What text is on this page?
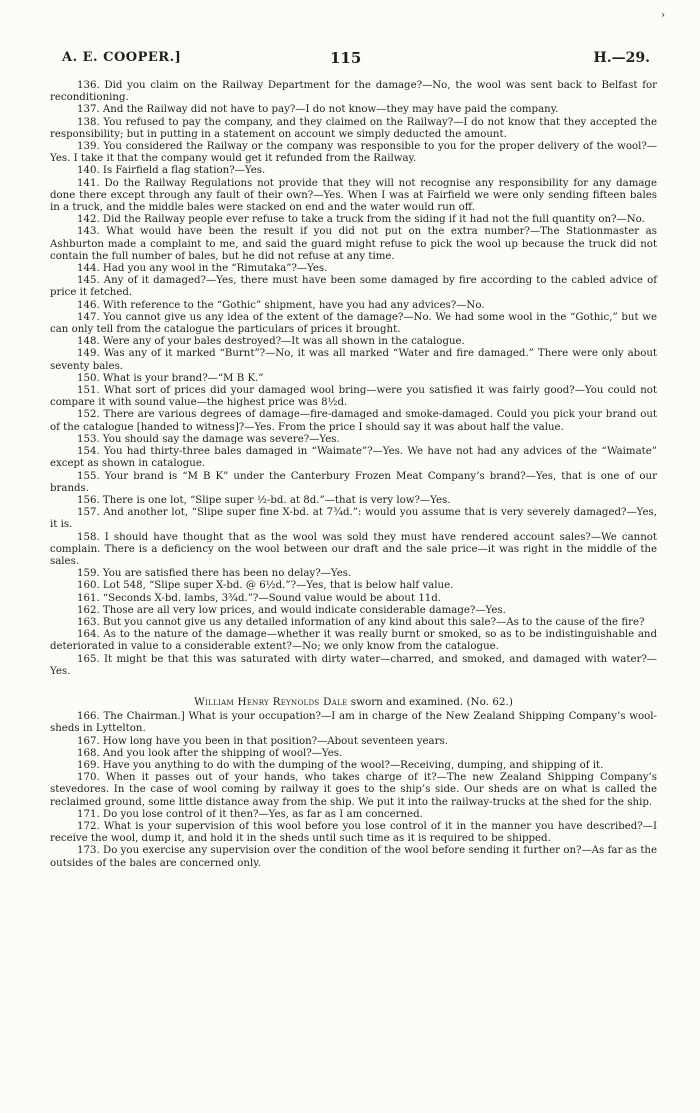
›
A. E. COOPER.]	115	H.—29.

136. Did you claim on the Railway Department for the damage?—No, the wool was sent back to Belfast for reconditioning.

137. And the Railway did not have to pay?—I do not know—they may have paid the company.

138. You refused to pay the company, and they claimed on the Railway?—I do not know that they accepted the responsibility; but in putting in a statement on account we simply deducted the amount.

139. You considered the Railway or the company was responsible to you for the proper delivery of the wool?—Yes. I take it that the company would get it refunded from the Railway.

140. Is Fairfield a flag station?—Yes.

141. Do the Railway Regulations not provide that they will not recognise any responsibility for any damage done there except through any fault of their own?—Yes. When I was at Fairfield we were only sending fifteen bales in a truck, and the middle bales were stacked on end and the water would run off.

142. Did the Railway people ever refuse to take a truck from the siding if it had not the full quantity on?—No.

143. What would have been the result if you did not put on the extra number?—The Stationmaster as Ashburton made a complaint to me, and said the guard might refuse to pick the wool up because the truck did not contain the full number of bales, but he did not refuse at any time.

144. Had you any wool in the “Rimutaka”?—Yes.

145. Any of it damaged?—Yes, there must have been some damaged by fire according to the cabled advice of price it fetched.

146. With reference to the “Gothic” shipment, have you had any advices?—No.

147. You cannot give us any idea of the extent of the damage?—No. We had some wool in the “Gothic,” but we can only tell from the catalogue the particulars of prices it brought.

148. Were any of your bales destroyed?—It was all shown in the catalogue.

149. Was any of it marked “Burnt”?—No, it was all marked “Water and fire damaged.” There were only about seventy bales.

150. What is your brand?—“M B K.”

151. What sort of prices did your damaged wool bring—were you satisfied it was fairly good?—You could not compare it with sound value—the highest price was 8½d.

152. There are various degrees of damage—fire-damaged and smoke-damaged. Could you pick your brand out of the catalogue [handed to witness]?—Yes. From the price I should say it was about half the value.

153. You should say the damage was severe?—Yes.

154. You had thirty-three bales damaged in “Waimate”?—Yes. We have not had any advices of the “Waimate” except as shown in catalogue.

155. Your brand is “M B K” under the Canterbury Frozen Meat Company’s brand?—Yes, that is one of our brands.

156. There is one lot, “Slipe super ½-bd. at 8d.”—that is very low?—Yes.

157. And another lot, “Slipe super fine X-bd. at 7¾d.”: would you assume that is very severely damaged?—Yes, it is.

158. I should have thought that as the wool was sold they must have rendered account sales?—We cannot complain. There is a deficiency on the wool between our draft and the sale price—it was right in the middle of the sales.

159. You are satisfied there has been no delay?—Yes.

160. Lot 548, “Slipe super X-bd. @ 6½d.”?—Yes, that is below half value.

161. “Seconds X-bd. lambs, 3¾d.”?—Sound value would be about 11d.

162. Those are all very low prices, and would indicate considerable damage?—Yes.

163. But you cannot give us any detailed information of any kind about this sale?—As to the cause of the fire?

164. As to the nature of the damage—whether it was really burnt or smoked, so as to be indistinguishable and deteriorated in value to a considerable extent?—No; we only know from the catalogue.

165. It might be that this was saturated with dirty water—charred, and smoked, and damaged with water?—Yes.

William Henry Reynolds Dale sworn and examined. (No. 62.)

166. The Chairman.] What is your occupation?—I am in charge of the New Zealand Shipping Company’s wool-sheds in Lyttelton.

167. How long have you been in that position?—About seventeen years.

168. And you look after the shipping of wool?—Yes.

169. Have you anything to do with the dumping of the wool?—Receiving, dumping, and shipping of it.

170. When it passes out of your hands, who takes charge of it?—The new Zealand Shipping Company’s stevedores. In the case of wool coming by railway it goes to the ship’s side. Our sheds are on what is called the reclaimed ground, some little distance away from the ship. We put it into the railway-trucks at the shed for the ship.

171. Do you lose control of it then?—Yes, as far as I am concerned.

172. What is your supervision of this wool before you lose control of it in the manner you have described?—I receive the wool, dump it, and hold it in the sheds until such time as it is required to be shipped.

173. Do you exercise any supervision over the condition of the wool before sending it further on?—As far as the outsides of the bales are concerned only.
